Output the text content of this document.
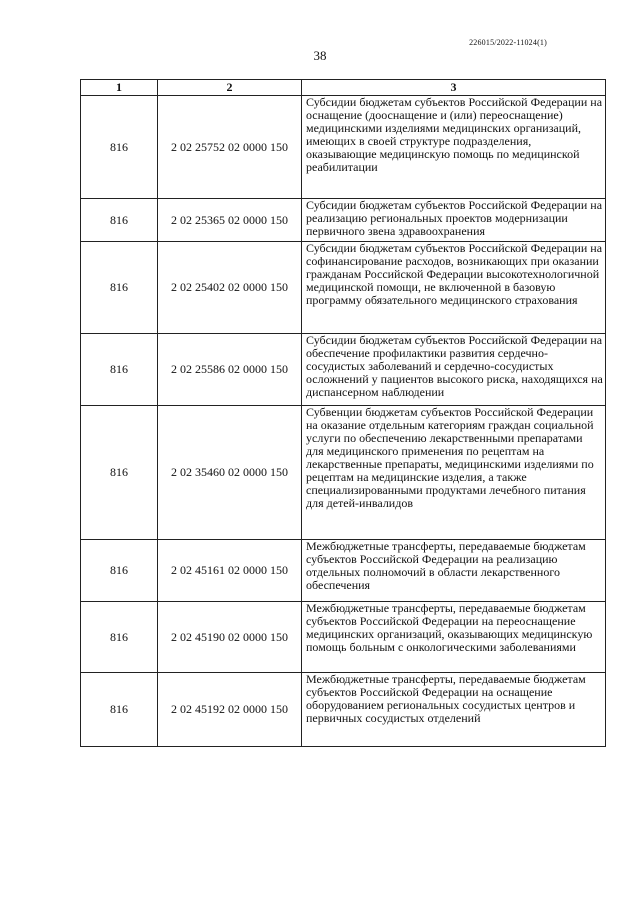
226015/2022-11024(1)
38
1	2	3
816	2 02 25752 02 0000 150	Субсидии бюджетам субъектов Российской Федерации на оснащение (дооснащение и (или) переоснащение) медицинскими изделиями медицинских организаций, имеющих в своей структуре подразделения, оказывающие медицинскую помощь по медицинской реабилитации
816	2 02 25365 02 0000 150	Субсидии бюджетам субъектов Российской Федерации на реализацию региональных проектов модернизации первичного звена здравоохранения
816	2 02 25402 02 0000 150	Субсидии бюджетам субъектов Российской Федерации на софинансирование расходов, возникающих при оказании гражданам Российской Федерации высокотехнологичной медицинской помощи, не включенной в базовую программу обязательного медицинского страхования
816	2 02 25586 02 0000 150	Субсидии бюджетам субъектов Российской Федерации на обеспечение профилактики развития сердечно-сосудистых заболеваний и сердечно-сосудистых осложнений у пациентов высокого риска, находящихся на диспансерном наблюдении
816	2 02 35460 02 0000 150	Субвенции бюджетам субъектов Российской Федерации на оказание отдельным категориям граждан социальной услуги по обеспечению лекарственными препаратами для медицинского применения по рецептам на лекарственные препараты, медицинскими изделиями по рецептам на медицинские изделия, а также специализированными продуктами лечебного питания для детей-инвалидов
816	2 02 45161 02 0000 150	Межбюджетные трансферты, передаваемые бюджетам субъектов Российской Федерации на реализацию отдельных полномочий в области лекарственного обеспечения
816	2 02 45190 02 0000 150	Межбюджетные трансферты, передаваемые бюджетам субъектов Российской Федерации на переоснащение медицинских организаций, оказывающих медицинскую помощь больным с онкологическими заболеваниями
816	2 02 45192 02 0000 150	Межбюджетные трансферты, передаваемые бюджетам субъектов Российской Федерации на оснащение оборудованием региональных сосудистых центров и первичных сосудистых отделений
